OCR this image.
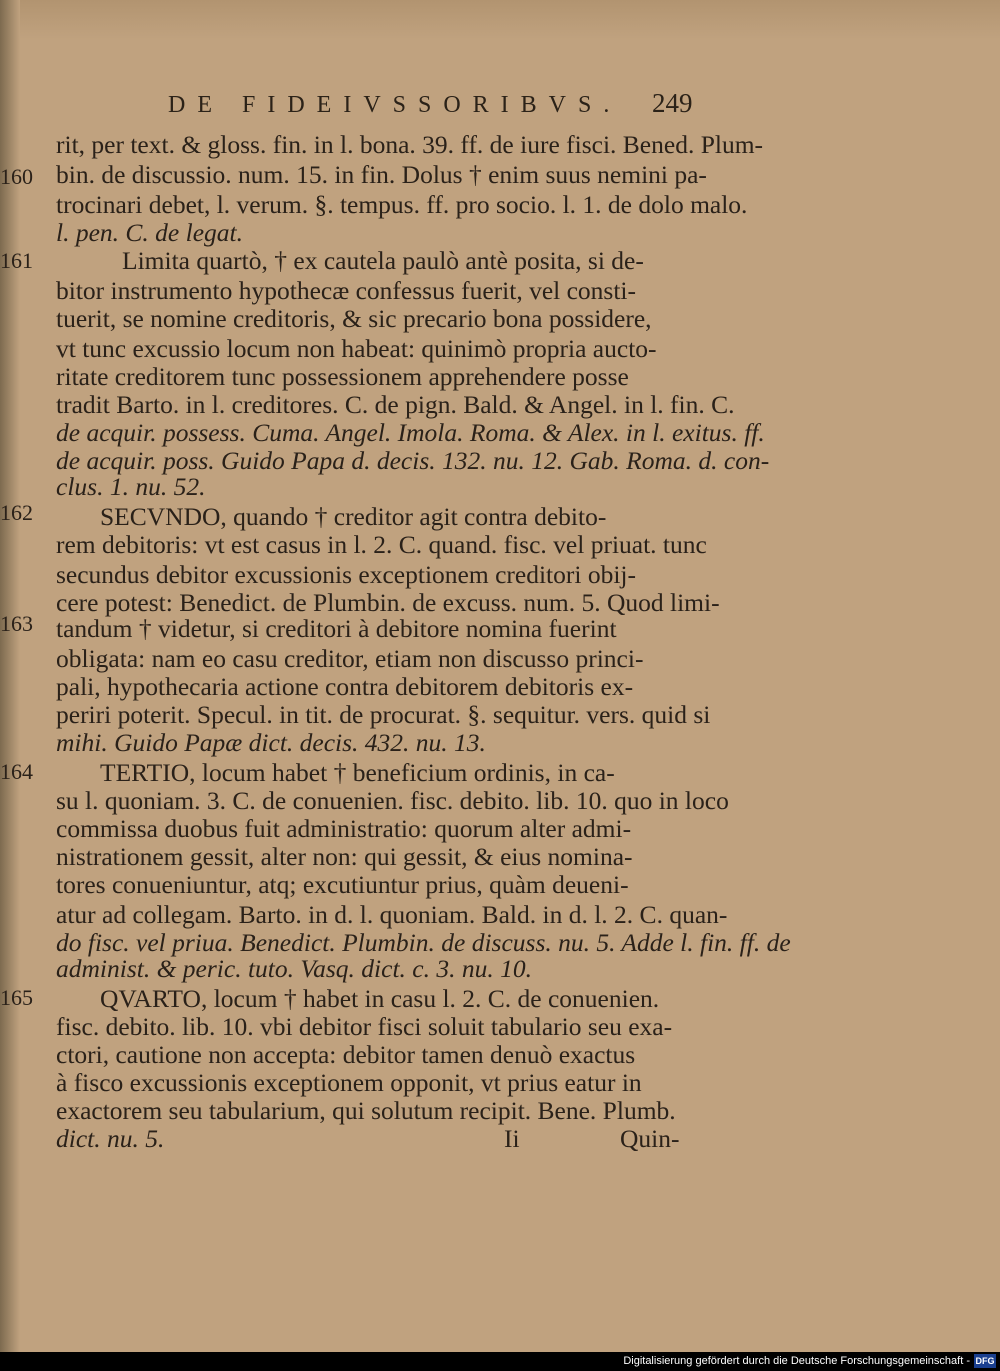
DE FIDEIVSSORIBVS. 249
160
161
162
163
164
165
rit, per text. & gloss. fin. in l. bona. 39. ff. de iure fisci. Bened. Plum-
bin. de discussio. num. 15. in fin. Dolus † enim suus nemini pa-
trocinari debet, l. verum. §. tempus. ff. pro socio. l. 1. de dolo malo.
l. pen. C. de legat.
Limita quartò, † ex cautela paulò antè posita, si de-
bitor instrumento hypothecæ confessus fuerit, vel consti-
tuerit, se nomine creditoris, & sic precario bona possidere,
vt tunc excussio locum non habeat: quinimò propria aucto-
ritate creditorem tunc possessionem apprehendere posse
tradit Barto. in l. creditores. C. de pign. Bald. & Angel. in l. fin. C.
de acquir. possess. Cuma. Angel. Imola. Roma. & Alex. in l. exitus. ff.
de acquir. poss. Guido Papa d. decis. 132. nu. 12. Gab. Roma. d. con-
clus. 1. nu. 52.
SECVNDO, quando † creditor agit contra debito-
rem debitoris: vt est casus in l. 2. C. quand. fisc. vel priuat. tunc
secundus debitor excussionis exceptionem creditori obij-
cere potest: Benedict. de Plumbin. de excuss. num. 5. Quod limi-
tandum † videtur, si creditori à debitore nomina fuerint
obligata: nam eo casu creditor, etiam non discusso princi-
pali, hypothecaria actione contra debitorem debitoris ex-
periri poterit. Specul. in tit. de procurat. §. sequitur. vers. quid si
mihi. Guido Papæ dict. decis. 432. nu. 13.
TERTIO, locum habet † beneficium ordinis, in ca-
su l. quoniam. 3. C. de conuenien. fisc. debito. lib. 10. quo in loco
commissa duobus fuit administratio: quorum alter admi-
nistrationem gessit, alter non: qui gessit, & eius nomina-
tores conueniuntur, atq; excutiuntur prius, quàm deueni-
atur ad collegam. Barto. in d. l. quoniam. Bald. in d. l. 2. C. quan-
do fisc. vel priua. Benedict. Plumbin. de discuss. nu. 5. Adde l. fin. ff. de
administ. & peric. tuto. Vasq. dict. c. 3. nu. 10.
QVARTO, locum † habet in casu l. 2. C. de conuenien.
fisc. debito. lib. 10. vbi debitor fisci soluit tabulario seu exa-
ctori, cautione non accepta: debitor tamen denuò exactus
à fisco excussionis exceptionem opponit, vt prius eatur in
exactorem seu tabularium, qui solutum recipit. Bene. Plumb.
dict. nu. 5.	Ii	Quin-
Digitalisierung gefördert durch die Deutsche Forschungsgemeinschaft - DFG
